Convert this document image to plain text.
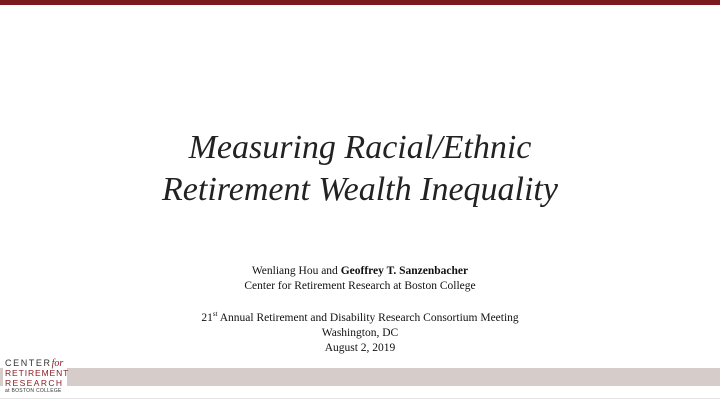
Measuring Racial/Ethnic
Retirement Wealth Inequality
Wenliang Hou and Geoffrey T. Sanzenbacher
Center for Retirement Research at Boston College
21st Annual Retirement and Disability Research Consortium Meeting
Washington, DC
August 2, 2019
CENTERfor
RETIREMENT
RESEARCH
at BOSTON COLLEGE
